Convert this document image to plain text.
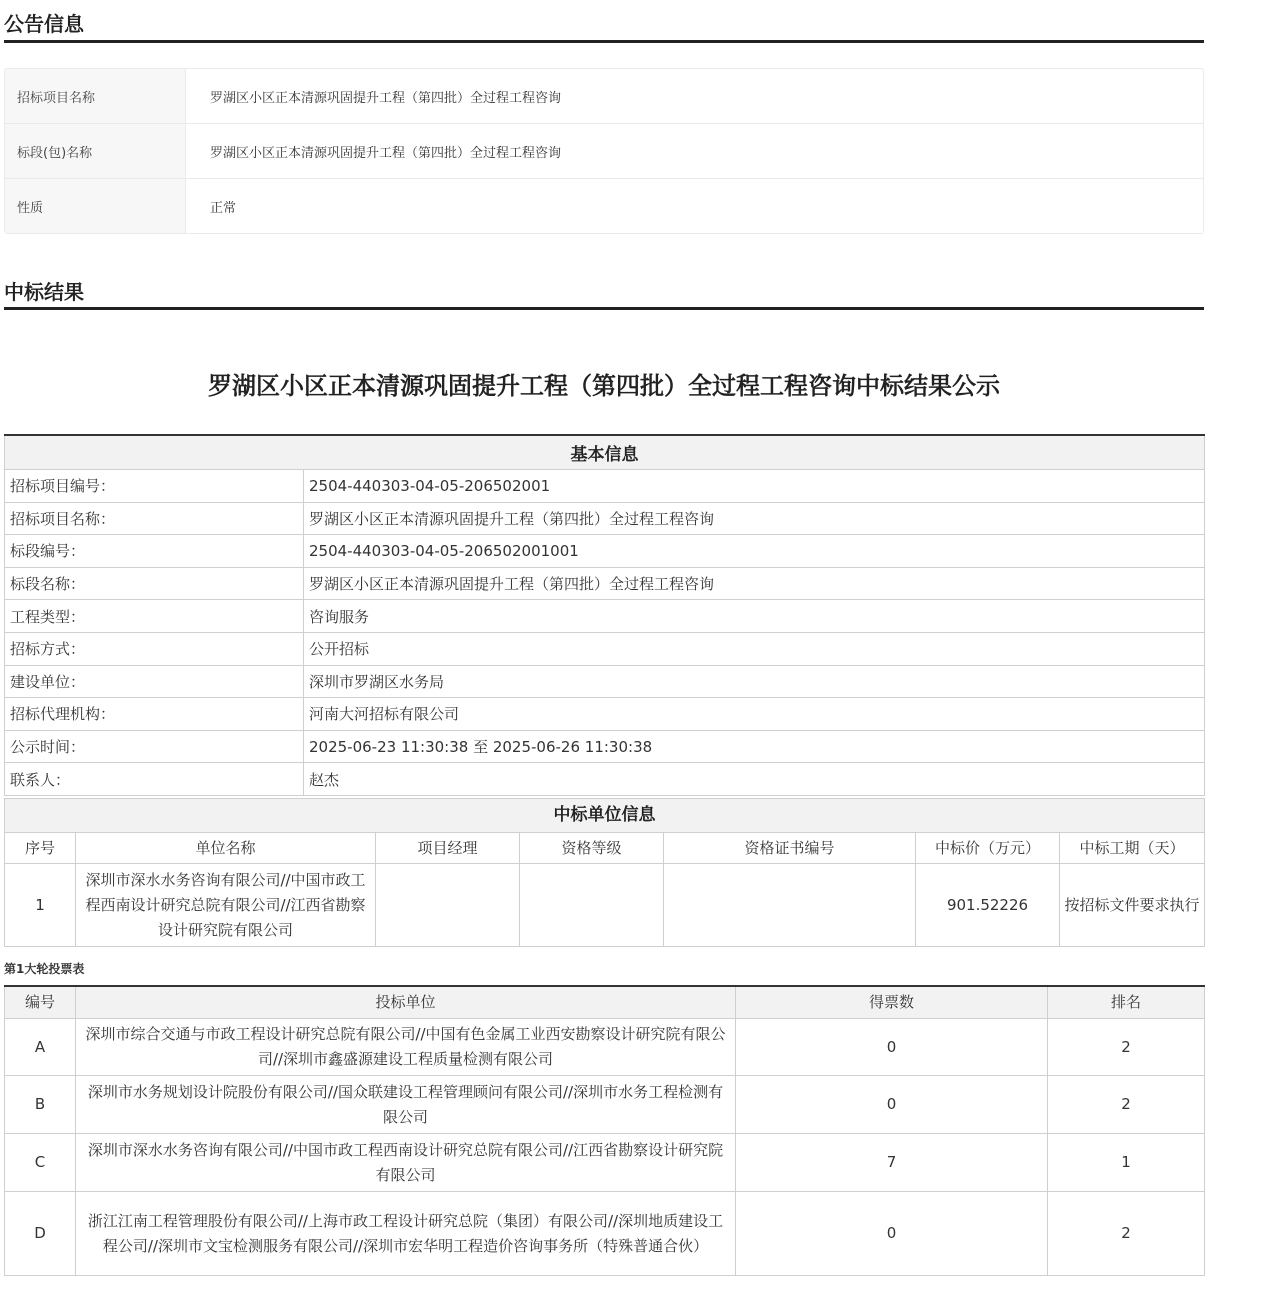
公告信息
招标项目名称	罗湖区小区正本清源巩固提升工程（第四批）全过程工程咨询
标段(包)名称	罗湖区小区正本清源巩固提升工程（第四批）全过程工程咨询
性质	正常
中标结果
罗湖区小区正本清源巩固提升工程（第四批）全过程工程咨询中标结果公示
基本信息	
招标项目编号：	2504-440303-04-05-206502001
招标项目名称：	罗湖区小区正本清源巩固提升工程（第四批）全过程工程咨询
标段编号：	2504-440303-04-05-206502001001
标段名称：	罗湖区小区正本清源巩固提升工程（第四批）全过程工程咨询
工程类型：	咨询服务
招标方式：	公开招标
建设单位：	深圳市罗湖区水务局
招标代理机构：	河南大河招标有限公司
公示时间：	2025-06-23 11:30:38 至 2025-06-26 11:30:38
联系人：	赵杰
中标单位信息						
序号	单位名称	项目经理	资格等级	资格证书编号	中标价（万元）	中标工期（天）
1	深圳市深水水务咨询有限公司//中国市政工程西南设计研究总院有限公司//江西省勘察设计研究院有限公司				901.52226	按招标文件要求执行
第1大轮投票表
编号	投标单位	得票数	排名
A	深圳市综合交通与市政工程设计研究总院有限公司//中国有色金属工业西安勘察设计研究院有限公司//深圳市鑫盛源建设工程质量检测有限公司	0	2
B	深圳市水务规划设计院股份有限公司//国众联建设工程管理顾问有限公司//深圳市水务工程检测有限公司	0	2
C	深圳市深水水务咨询有限公司//中国市政工程西南设计研究总院有限公司//江西省勘察设计研究院有限公司	7	1
D	浙江江南工程管理股份有限公司//上海市政工程设计研究总院（集团）有限公司//深圳地质建设工程公司//深圳市文宝检测服务有限公司//深圳市宏华明工程造价咨询事务所（特殊普通合伙）	0	2
